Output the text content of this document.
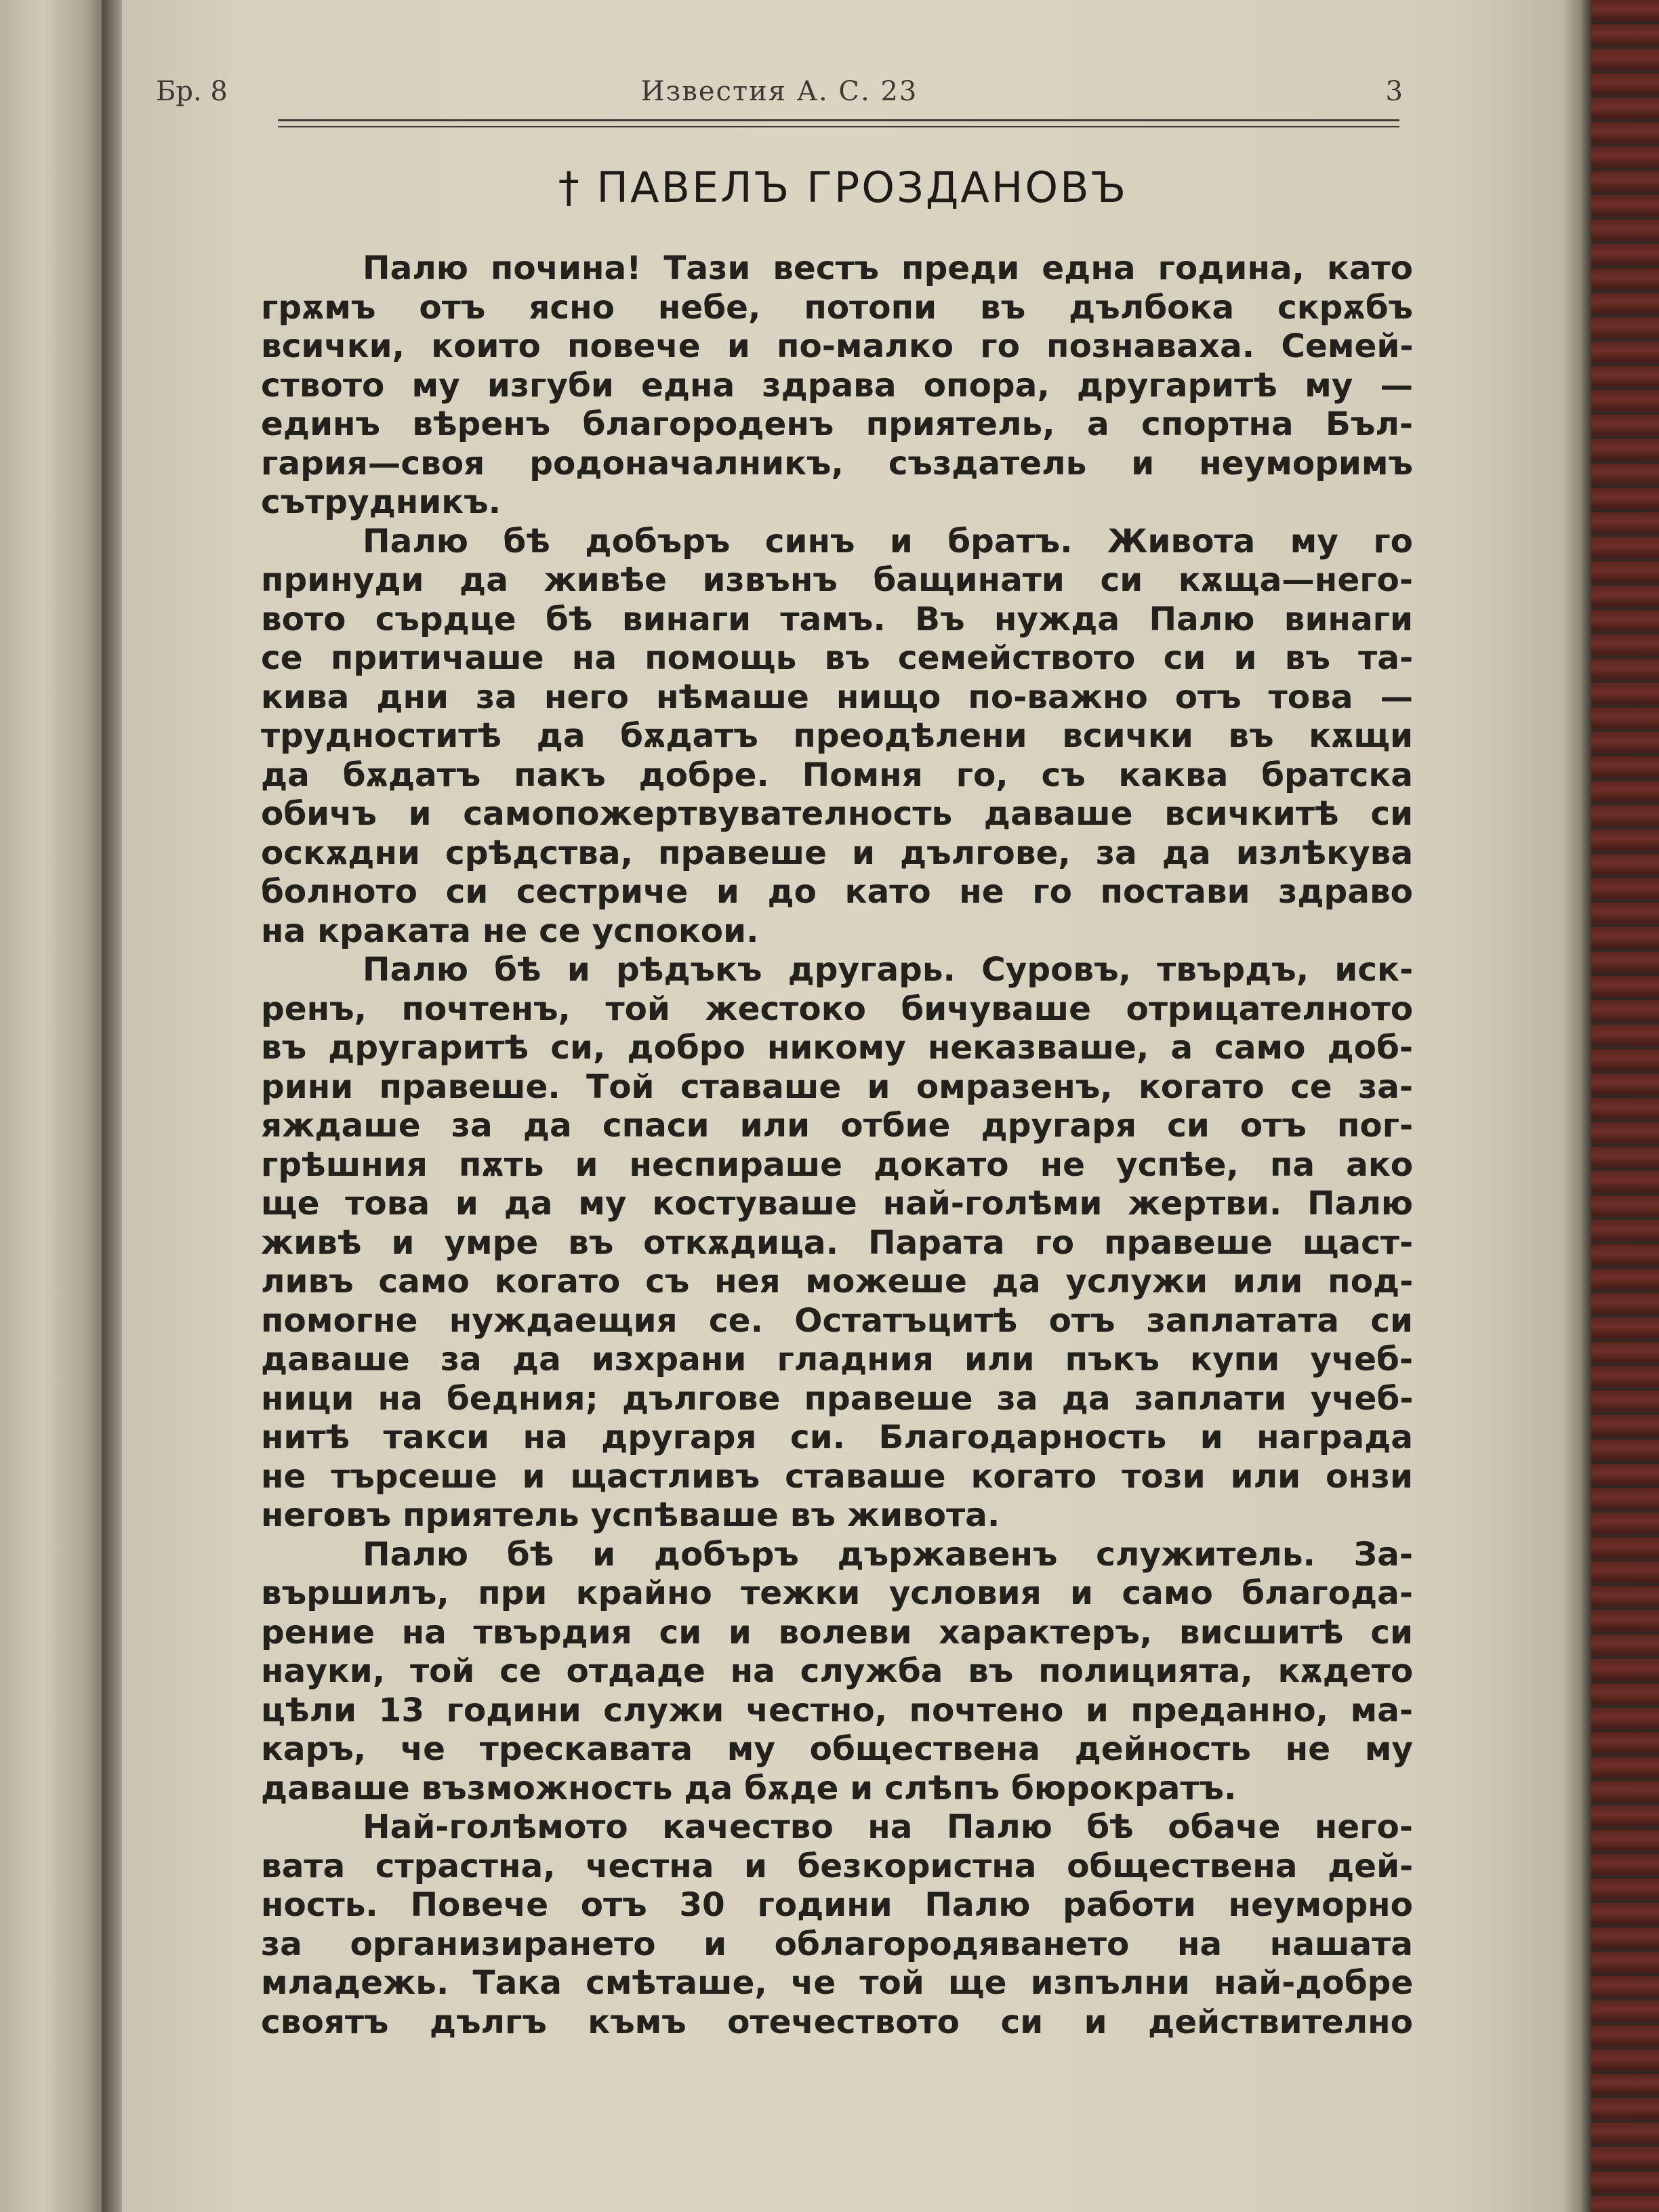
Бр. 8	Известия А. С. 23	3
† ПАВЕЛЪ ГРОЗДАНОВЪ
Палю почина! Тази вестъ преди една година, като
грѫмъ отъ ясно небе, потопи въ дълбока скрѫбъ
всички, които повече и по-малко го познаваха. Семей-
ството му изгуби една здрава опора, другаритѣ му —
единъ вѣренъ благороденъ приятель, а спортна Бъл-
гария—своя родоначалникъ, създатель и неуморимъ
сътрудникъ.
Палю бѣ добъръ синъ и братъ. Живота му го
принуди да живѣе извънъ бащинати си кѫща—него-
вото сърдце бѣ винаги тамъ. Въ нужда Палю винаги
се притичаше на помощь въ семейството си и въ та-
кива дни за него нѣмаше нищо по-важно отъ това —
трудноститѣ да бѫдатъ преодѣлени всички въ кѫщи
да бѫдатъ пакъ добре. Помня го, съ каква братска
обичъ и самопожертвувателность даваше всичкитѣ си
оскѫдни срѣдства, правеше и дългове, за да излѣкува
болното си сестриче и до като не го постави здраво
на краката не се успокои.
Палю бѣ и рѣдъкъ другарь. Суровъ, твърдъ, иск-
ренъ, почтенъ, той жестоко бичуваше отрицателното
въ другаритѣ си, добро никому неказваше, а само доб-
рини правеше. Той ставаше и омразенъ, когато се за-
яждаше за да спаси или отбие другаря си отъ пог-
грѣшния пѫть и неспираше докато не успѣе, па ако
ще това и да му костуваше най-голѣми жертви. Палю
живѣ и умре въ откѫдица. Парата го правеше щаст-
ливъ само когато съ нея можеше да услужи или под-
помогне нуждаещия се. Остатъцитѣ отъ заплатата си
даваше за да изхрани гладния или пъкъ купи учеб-
ници на бедния; дългове правеше за да заплати учеб-
нитѣ такси на другаря си. Благодарность и награда
не търсеше и щастливъ ставаше когато този или онзи
неговъ приятель успѣваше въ живота.
Палю бѣ и добъръ държавенъ служитель. За-
вършилъ, при крайно тежки условия и само благода-
рение на твърдия си и волеви характеръ, висшитѣ си
науки, той се отдаде на служба въ полицията, кѫдето
цѣли 13 години служи честно, почтено и преданно, ма-
каръ, че трескавата му обществена дейность не му
даваше възможность да бѫде и слѣпъ бюрократъ.
Най-голѣмото качество на Палю бѣ обаче него-
вата страстна, честна и безкористна обществена дей-
ность. Повече отъ 30 години Палю работи неуморно
за организирането и облагородяването на нашата
младежь. Така смѣташе, че той ще изпълни най-добре
своятъ дългъ къмъ отечеството си и действително
